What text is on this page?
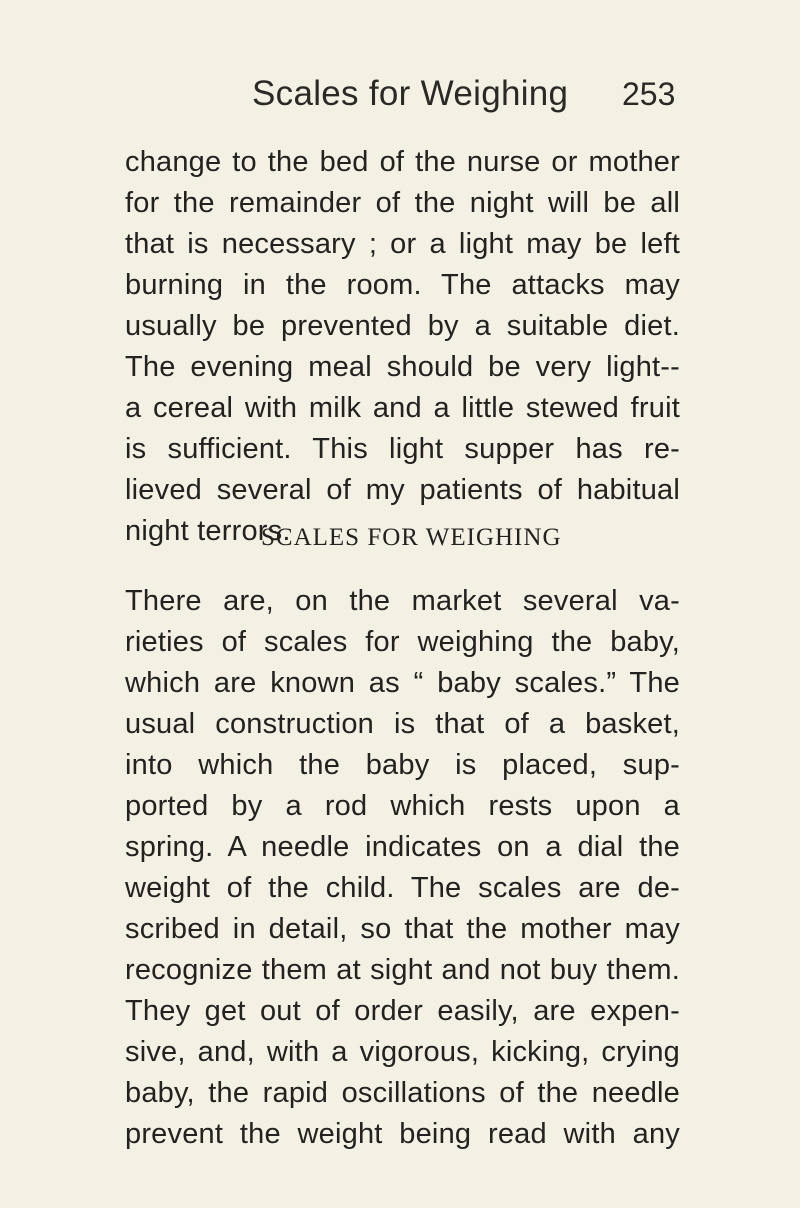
Scales for Weighing 253
change to the bed of the nurse or mother
for the remainder of the night will be all
that is necessary ; or a light may be left
burning in the room. The attacks may
usually be prevented by a suitable diet.
The evening meal should be very light--
a cereal with milk and a little stewed fruit
is sufficient. This light supper has re-
lieved several of my patients of habitual
night terrors.
There are, on the market several va-
rieties of scales for weighing the baby,
which are known as “ baby scales.” The
usual construction is that of a basket,
into which the baby is placed, sup-
ported by a rod which rests upon a
spring. A needle indicates on a dial the
weight of the child. The scales are de-
scribed in detail, so that the mother may
recognize them at sight and not buy them.
They get out of order easily, are expen-
sive, and, with a vigorous, kicking, crying
baby, the rapid oscillations of the needle
prevent the weight being read with any
SCALES FOR WEIGHING
